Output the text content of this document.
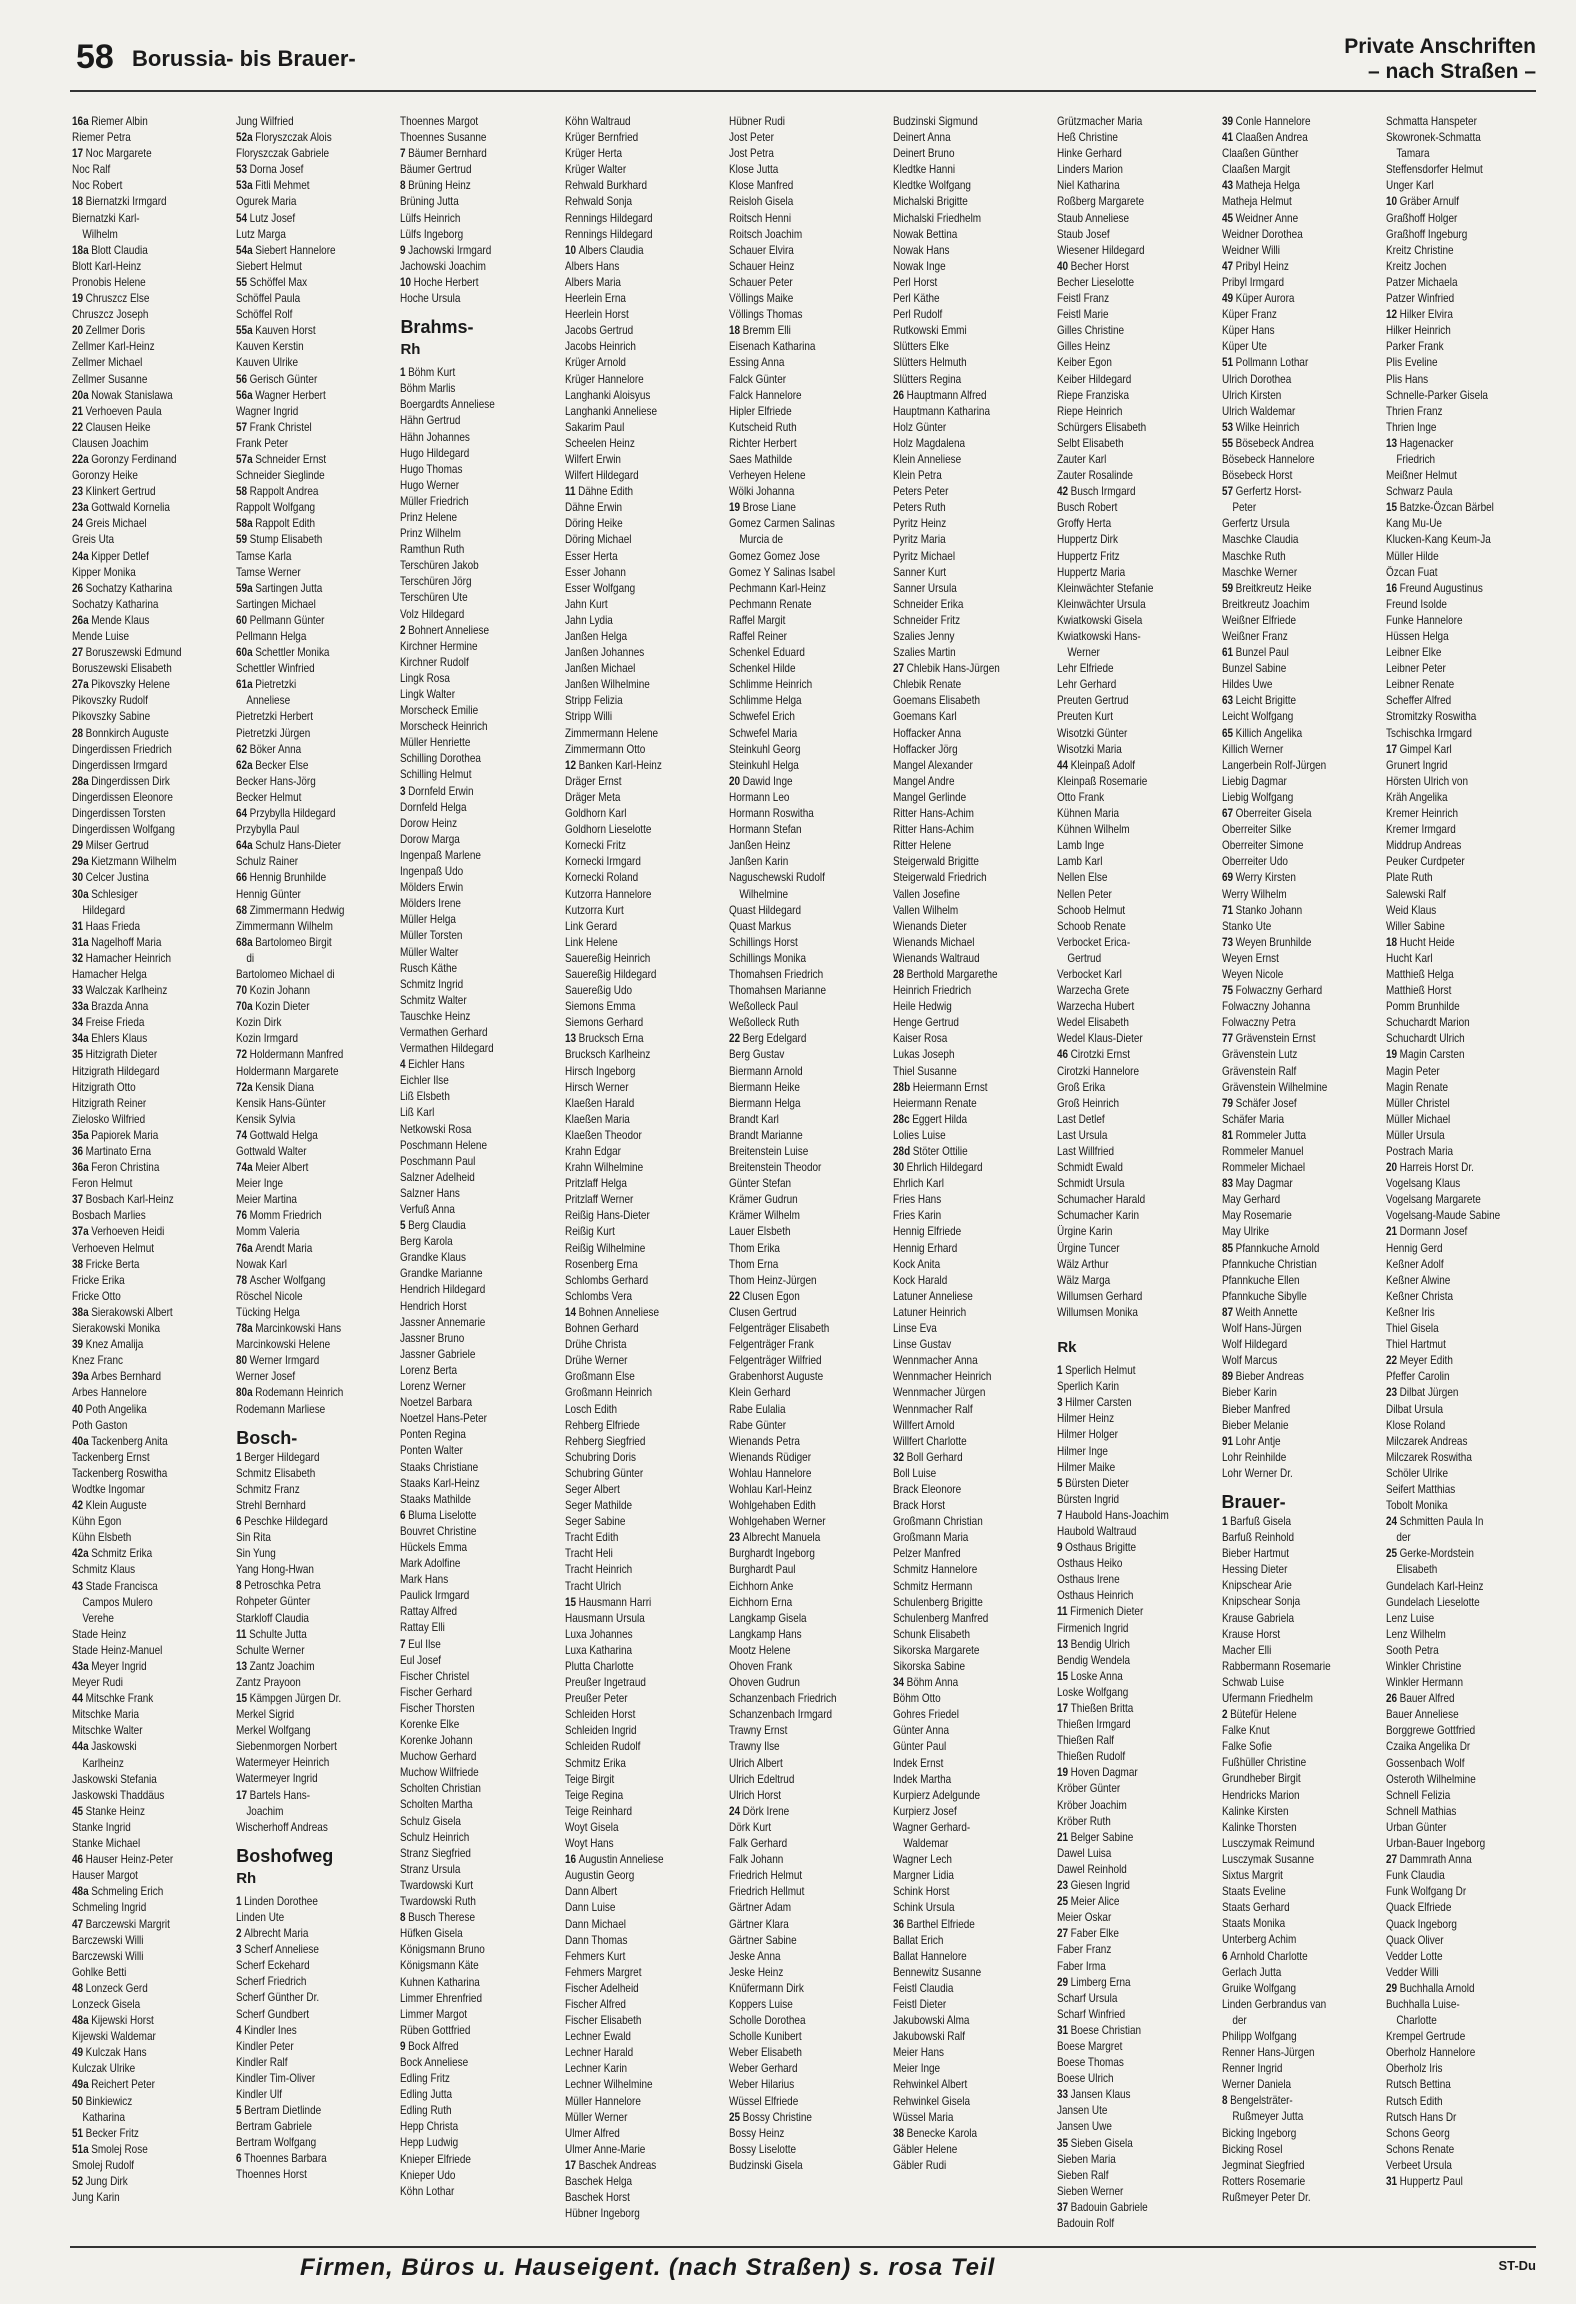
58 Borussia- bis Brauer-	Private Anschriften
– nach Straßen –
16a Riemer Albin
Riemer Petra
17 Noc Margarete
Noc Ralf
Noc Robert
18 Biernatzki Irmgard
Biernatzki Karl-
Wilhelm
18a Blott Claudia
Blott Karl-Heinz
Pronobis Helene
19 Chruszcz Else
Chruszcz Joseph
20 Zellmer Doris
Zellmer Karl-Heinz
Zellmer Michael
Zellmer Susanne
20a Nowak Stanislawa
21 Verhoeven Paula
22 Clausen Heike
Clausen Joachim
22a Goronzy Ferdinand
Goronzy Heike
23 Klinkert Gertrud
23a Gottwald Kornelia
24 Greis Michael
Greis Uta
24a Kipper Detlef
Kipper Monika
26 Sochatzy Katharina
Sochatzy Katharina
26a Mende Klaus
Mende Luise
27 Boruszewski Edmund
Boruszewski Elisabeth
27a Pikovszky Helene
Pikovszky Rudolf
Pikovszky Sabine
28 Bonnkirch Auguste
Dingerdissen Friedrich
Dingerdissen Irmgard
28a Dingerdissen Dirk
Dingerdissen Eleonore
Dingerdissen Torsten
Dingerdissen Wolfgang
29 Milser Gertrud
29a Kietzmann Wilhelm
30 Celcer Justina
30a Schlesiger
Hildegard
31 Haas Frieda
31a Nagelhoff Maria
32 Hamacher Heinrich
Hamacher Helga
33 Walczak Karlheinz
33a Brazda Anna
34 Freise Frieda
34a Ehlers Klaus
35 Hitzigrath Dieter
Hitzigrath Hildegard
Hitzigrath Otto
Hitzigrath Reiner
Zielosko Wilfried
35a Papiorek Maria
36 Martinato Erna
36a Feron Christina
Feron Helmut
37 Bosbach Karl-Heinz
Bosbach Marlies
37a Verhoeven Heidi
Verhoeven Helmut
38 Fricke Berta
Fricke Erika
Fricke Otto
38a Sierakowski Albert
Sierakowski Monika
39 Knez Amalija
Knez Franc
39a Arbes Bernhard
Arbes Hannelore
40 Poth Angelika
Poth Gaston
40a Tackenberg Anita
Tackenberg Ernst
Tackenberg Roswitha
Wodtke Ingomar
42 Klein Auguste
Kühn Egon
Kühn Elsbeth
42a Schmitz Erika
Schmitz Klaus
43 Stade Francisca
Campos Mulero
Verehe
Stade Heinz
Stade Heinz-Manuel
43a Meyer Ingrid
Meyer Rudi
44 Mitschke Frank
Mitschke Maria
Mitschke Walter
44a Jaskowski
Karlheinz
Jaskowski Stefania
Jaskowski Thaddäus
45 Stanke Heinz
Stanke Ingrid
Stanke Michael
46 Hauser Heinz-Peter
Hauser Margot
48a Schmeling Erich
Schmeling Ingrid
47 Barczewski Margrit
Barczewski Willi
Barczewski Willi
Gohlke Betti
48 Lonzeck Gerd
Lonzeck Gisela
48a Kijewski Horst
Kijewski Waldemar
49 Kulczak Hans
Kulczak Ulrike
49a Reichert Peter
50 Binkiewicz
Katharina
51 Becker Fritz
51a Smolej Rose
Smolej Rudolf
52 Jung Dirk
Jung Karin
Jung Wilfried
52a Floryszczak Alois
Floryszczak Gabriele
53 Dorna Josef
53a Fitli Mehmet
Ogurek Maria
54 Lutz Josef
Lutz Marga
54a Siebert Hannelore
Siebert Helmut
55 Schöffel Max
Schöffel Paula
Schöffel Rolf
55a Kauven Horst
Kauven Kerstin
Kauven Ulrike
56 Gerisch Günter
56a Wagner Herbert
Wagner Ingrid
57 Frank Christel
Frank Peter
57a Schneider Ernst
Schneider Sieglinde
58 Rappolt Andrea
Rappolt Wolfgang
58a Rappolt Edith
59 Stump Elisabeth
Tamse Karla
Tamse Werner
59a Sartingen Jutta
Sartingen Michael
60 Pellmann Günter
Pellmann Helga
60a Schettler Monika
Schettler Winfried
61a Pietretzki
Anneliese
Pietretzki Herbert
Pietretzki Jürgen
62 Böker Anna
62a Becker Else
Becker Hans-Jörg
Becker Helmut
64 Przybylla Hildegard
Przybylla Paul
64a Schulz Hans-Dieter
Schulz Rainer
66 Hennig Brunhilde
Hennig Günter
68 Zimmermann Hedwig
Zimmermann Wilhelm
68a Bartolomeo Birgit
di
Bartolomeo Michael di
70 Kozin Johann
70a Kozin Dieter
Kozin Dirk
Kozin Irmgard
72 Holdermann Manfred
Holdermann Margarete
72a Kensik Diana
Kensik Hans-Günter
Kensik Sylvia
74 Gottwald Helga
Gottwald Walter
74a Meier Albert
Meier Inge
Meier Martina
76 Momm Friedrich
Momm Valeria
76a Arendt Maria
Nowak Karl
78 Ascher Wolfgang
Röschel Nicole
Tücking Helga
78a Marcinkowski Hans
Marcinkowski Helene
80 Werner Irmgard
Werner Josef
80a Rodemann Heinrich
Rodemann Marliese
Bosch-
1 Berger Hildegard
Schmitz Elisabeth
Schmitz Franz
Strehl Bernhard
6 Peschke Hildegard
Sin Rita
Sin Yung
Yang Hong-Hwan
8 Petroschka Petra
Rohpeter Günter
Starkloff Claudia
11 Schulte Jutta
Schulte Werner
13 Zantz Joachim
Zantz Prayoon
15 Kämpgen Jürgen Dr.
Merkel Sigrid
Merkel Wolfgang
Siebenmorgen Norbert
Watermeyer Heinrich
Watermeyer Ingrid
17 Bartels Hans-
Joachim
Wischerhoff Andreas
Boshofweg
Rh
1 Linden Dorothee
Linden Ute
2 Albrecht Maria
3 Scherf Anneliese
Scherf Eckehard
Scherf Friedrich
Scherf Günther Dr.
Scherf Gundbert
4 Kindler Ines
Kindler Peter
Kindler Ralf
Kindler Tim-Oliver
Kindler Ulf
5 Bertram Dietlinde
Bertram Gabriele
Bertram Wolfgang
6 Thoennes Barbara
Thoennes Horst
Thoennes Margot
Thoennes Susanne
7 Bäumer Bernhard
Bäumer Gertrud
8 Brüning Heinz
Brüning Jutta
Lülfs Heinrich
Lülfs Ingeborg
9 Jachowski Irmgard
Jachowski Joachim
10 Hoche Herbert
Hoche Ursula
Brahms-
Rh
1 Böhm Kurt
Böhm Marlis
Boergardts Anneliese
Hähn Gertrud
Hähn Johannes
Hugo Hildegard
Hugo Thomas
Hugo Werner
Müller Friedrich
Prinz Helene
Prinz Wilhelm
Ramthun Ruth
Terschüren Jakob
Terschüren Jörg
Terschüren Ute
Volz Hildegard
2 Bohnert Anneliese
Kirchner Hermine
Kirchner Rudolf
Lingk Rosa
Lingk Walter
Morscheck Emilie
Morscheck Heinrich
Müller Henriette
Schilling Dorothea
Schilling Helmut
3 Dornfeld Erwin
Dornfeld Helga
Dorow Heinz
Dorow Marga
Ingenpaß Marlene
Ingenpaß Udo
Mölders Erwin
Mölders Irene
Müller Helga
Müller Torsten
Müller Walter
Rusch Käthe
Schmitz Ingrid
Schmitz Walter
Tauschke Heinz
Vermathen Gerhard
Vermathen Hildegard
4 Eichler Hans
Eichler Ilse
Liß Elsbeth
Liß Karl
Netkowski Rosa
Poschmann Helene
Poschmann Paul
Salzner Adelheid
Salzner Hans
Verfuß Anna
5 Berg Claudia
Berg Karola
Grandke Klaus
Grandke Marianne
Hendrich Hildegard
Hendrich Horst
Jassner Annemarie
Jassner Bruno
Jassner Gabriele
Lorenz Berta
Lorenz Werner
Noetzel Barbara
Noetzel Hans-Peter
Ponten Regina
Ponten Walter
Staaks Christiane
Staaks Karl-Heinz
Staaks Mathilde
6 Bluma Liselotte
Bouvret Christine
Hückels Emma
Mark Adolfine
Mark Hans
Paulick Irmgard
Rattay Alfred
Rattay Elli
7 Eul Ilse
Eul Josef
Fischer Christel
Fischer Gerhard
Fischer Thorsten
Korenke Elke
Korenke Johann
Muchow Gerhard
Muchow Wilfriede
Scholten Christian
Scholten Martha
Schulz Gisela
Schulz Heinrich
Stranz Siegfried
Stranz Ursula
Twardowski Kurt
Twardowski Ruth
8 Busch Therese
Hüfken Gisela
Königsmann Bruno
Königsmann Käte
Kuhnen Katharina
Limmer Ehrenfried
Limmer Margot
Rüben Gottfried
9 Bock Alfred
Bock Anneliese
Edling Fritz
Edling Jutta
Edling Ruth
Hepp Christa
Hepp Ludwig
Knieper Elfriede
Knieper Udo
Köhn Lothar
Köhn Waltraud
Krüger Bernfried
Krüger Herta
Krüger Walter
Rehwald Burkhard
Rehwald Sonja
Rennings Hildegard
Rennings Hildegard
10 Albers Claudia
Albers Hans
Albers Maria
Heerlein Erna
Heerlein Horst
Jacobs Gertrud
Jacobs Heinrich
Krüger Arnold
Krüger Hannelore
Langhanki Aloisyus
Langhanki Anneliese
Sakarim Paul
Scheelen Heinz
Wilfert Erwin
Wilfert Hildegard
11 Dähne Edith
Dähne Erwin
Döring Heike
Döring Michael
Esser Herta
Esser Johann
Esser Wolfgang
Jahn Kurt
Jahn Lydia
Janßen Helga
Janßen Johannes
Janßen Michael
Janßen Wilhelmine
Stripp Felizia
Stripp Willi
Zimmermann Helene
Zimmermann Otto
12 Banken Karl-Heinz
Dräger Ernst
Dräger Meta
Goldhorn Karl
Goldhorn Lieselotte
Kornecki Fritz
Kornecki Irmgard
Kornecki Roland
Kutzorra Hannelore
Kutzorra Kurt
Link Gerard
Link Helene
Sauereßig Heinrich
Sauereßig Hildegard
Sauereßig Udo
Siemons Emma
Siemons Gerhard
13 Brucksch Erna
Brucksch Karlheinz
Hirsch Ingeborg
Hirsch Werner
Klaeßen Harald
Klaeßen Maria
Klaeßen Theodor
Krahn Edgar
Krahn Wilhelmine
Pritzlaff Helga
Pritzlaff Werner
Reißig Hans-Dieter
Reißig Kurt
Reißig Wilhelmine
Rosenberg Erna
Schlombs Gerhard
Schlombs Vera
14 Bohnen Anneliese
Bohnen Gerhard
Drühe Christa
Drühe Werner
Großmann Else
Großmann Heinrich
Losch Edith
Rehberg Elfriede
Rehberg Siegfried
Schubring Doris
Schubring Günter
Seger Albert
Seger Mathilde
Seger Sabine
Tracht Edith
Tracht Heli
Tracht Heinrich
Tracht Ulrich
15 Hausmann Harri
Hausmann Ursula
Luxa Johannes
Luxa Katharina
Plutta Charlotte
Preußer Ingetraud
Preußer Peter
Schleiden Horst
Schleiden Ingrid
Schleiden Rudolf
Schmitz Erika
Teige Birgit
Teige Regina
Teige Reinhard
Woyt Gisela
Woyt Hans
16 Augustin Anneliese
Augustin Georg
Dann Albert
Dann Luise
Dann Michael
Dann Thomas
Fehmers Kurt
Fehmers Margret
Fischer Adelheid
Fischer Alfred
Fischer Elisabeth
Lechner Ewald
Lechner Harald
Lechner Karin
Lechner Wilhelmine
Müller Hannelore
Müller Werner
Ulmer Alfred
Ulmer Anne-Marie
17 Baschek Andreas
Baschek Helga
Baschek Horst
Hübner Ingeborg
Hübner Rudi
Jost Peter
Jost Petra
Klose Jutta
Klose Manfred
Reisloh Gisela
Roitsch Henni
Roitsch Joachim
Schauer Elvira
Schauer Heinz
Schauer Peter
Völlings Maike
Völlings Thomas
18 Bremm Elli
Eisenach Katharina
Essing Anna
Falck Günter
Falck Hannelore
Hipler Elfriede
Kutscheid Ruth
Richter Herbert
Saes Mathilde
Verheyen Helene
Wölki Johanna
19 Brose Liane
Gomez Carmen Salinas
Murcia de
Gomez Gomez Jose
Gomez Y Salinas Isabel
Pechmann Karl-Heinz
Pechmann Renate
Raffel Margit
Raffel Reiner
Schenkel Eduard
Schenkel Hilde
Schlimme Heinrich
Schlimme Helga
Schwefel Erich
Schwefel Maria
Steinkuhl Georg
Steinkuhl Helga
20 Dawid Inge
Hormann Leo
Hormann Roswitha
Hormann Stefan
Janßen Heinz
Janßen Karin
Naguschewski Rudolf
Wilhelmine
Quast Hildegard
Quast Markus
Schillings Horst
Schillings Monika
Thomahsen Friedrich
Thomahsen Marianne
Weßolleck Paul
Weßolleck Ruth
22 Berg Edelgard
Berg Gustav
Biermann Arnold
Biermann Heike
Biermann Helga
Brandt Karl
Brandt Marianne
Breitenstein Luise
Breitenstein Theodor
Günter Stefan
Krämer Gudrun
Krämer Wilhelm
Lauer Elsbeth
Thom Erika
Thom Erna
Thom Heinz-Jürgen
22 Clusen Egon
Clusen Gertrud
Felgenträger Elisabeth
Felgenträger Frank
Felgenträger Wilfried
Grabenhorst Auguste
Klein Gerhard
Rabe Eulalia
Rabe Günter
Wienands Petra
Wienands Rüdiger
Wohlau Hannelore
Wohlau Karl-Heinz
Wohlgehaben Edith
Wohlgehaben Werner
23 Albrecht Manuela
Burghardt Ingeborg
Burghardt Paul
Eichhorn Anke
Eichhorn Erna
Langkamp Gisela
Langkamp Hans
Mootz Helene
Ohoven Frank
Ohoven Gudrun
Schanzenbach Friedrich
Schanzenbach Irmgard
Trawny Ernst
Trawny Ilse
Ulrich Albert
Ulrich Edeltrud
Ulrich Horst
24 Dörk Irene
Dörk Kurt
Falk Gerhard
Falk Johann
Friedrich Helmut
Friedrich Hellmut
Gärtner Adam
Gärtner Klara
Gärtner Sabine
Jeske Anna
Jeske Heinz
Knüfermann Dirk
Koppers Luise
Scholle Dorothea
Scholle Kunibert
Weber Elisabeth
Weber Gerhard
Weber Hilarius
Wüssel Elfriede
25 Bossy Christine
Bossy Heinz
Bossy Liselotte
Budzinski Gisela
Budzinski Sigmund
Deinert Anna
Deinert Bruno
Kledtke Hanni
Kledtke Wolfgang
Michalski Brigitte
Michalski Friedhelm
Nowak Bettina
Nowak Hans
Nowak Inge
Perl Horst
Perl Käthe
Perl Rudolf
Rutkowski Emmi
Slütters Elke
Slütters Helmuth
Slütters Regina
26 Hauptmann Alfred
Hauptmann Katharina
Holz Günter
Holz Magdalena
Klein Anneliese
Klein Petra
Peters Peter
Peters Ruth
Pyritz Heinz
Pyritz Maria
Pyritz Michael
Sanner Kurt
Sanner Ursula
Schneider Erika
Schneider Fritz
Szalies Jenny
Szalies Martin
27 Chlebik Hans-Jürgen
Chlebik Renate
Goemans Elisabeth
Goemans Karl
Hoffacker Anna
Hoffacker Jörg
Mangel Alexander
Mangel Andre
Mangel Gerlinde
Ritter Hans-Achim
Ritter Hans-Achim
Ritter Helene
Steigerwald Brigitte
Steigerwald Friedrich
Vallen Josefine
Vallen Wilhelm
Wienands Dieter
Wienands Michael
Wienands Waltraud
28 Berthold Margarethe
Heinrich Friedrich
Heile Hedwig
Henge Gertrud
Kaiser Rosa
Lukas Joseph
Thiel Susanne
28b Heiermann Ernst
Heiermann Renate
28c Eggert Hilda
Lolies Luise
28d Stöter Ottilie
30 Ehrlich Hildegard
Ehrlich Karl
Fries Hans
Fries Karin
Hennig Elfriede
Hennig Erhard
Kock Anita
Kock Harald
Latuner Anneliese
Latuner Heinrich
Linse Eva
Linse Gustav
Wennmacher Anna
Wennmacher Heinrich
Wennmacher Jürgen
Wennmacher Ralf
Willfert Arnold
Willfert Charlotte
32 Boll Gerhard
Boll Luise
Brack Eleonore
Brack Horst
Großmann Christian
Großmann Maria
Pelzer Manfred
Schmitz Hannelore
Schmitz Hermann
Schulenberg Brigitte
Schulenberg Manfred
Schunk Elisabeth
Sikorska Margarete
Sikorska Sabine
34 Böhm Anna
Böhm Otto
Gohres Friedel
Günter Anna
Günter Paul
Indek Ernst
Indek Martha
Kurpierz Adelgunde
Kurpierz Josef
Wagner Gerhard-
Waldemar
Wagner Lech
Margner Lidia
Schink Horst
Schink Ursula
36 Barthel Elfriede
Ballat Erich
Ballat Hannelore
Bennewitz Susanne
Feistl Claudia
Feistl Dieter
Jakubowski Alma
Jakubowski Ralf
Meier Hans
Meier Inge
Rehwinkel Albert
Rehwinkel Gisela
Wüssel Maria
38 Benecke Karola
Gäbler Helene
Gäbler Rudi
Grützmacher Maria
Heß Christine
Hinke Gerhard
Linders Marion
Niel Katharina
Roßberg Margarete
Staub Anneliese
Staub Josef
Wiesener Hildegard
40 Becher Horst
Becher Lieselotte
Feistl Franz
Feistl Marie
Gilles Christine
Gilles Heinz
Keiber Egon
Keiber Hildegard
Riepe Franziska
Riepe Heinrich
Schürgers Elisabeth
Selbt Elisabeth
Zauter Karl
Zauter Rosalinde
42 Busch Irmgard
Busch Robert
Groffy Herta
Huppertz Dirk
Huppertz Fritz
Huppertz Maria
Kleinwächter Stefanie
Kleinwächter Ursula
Kwiatkowski Gisela
Kwiatkowski Hans-
Werner
Lehr Elfriede
Lehr Gerhard
Preuten Gertrud
Preuten Kurt
Wisotzki Günter
Wisotzki Maria
44 Kleinpaß Adolf
Kleinpaß Rosemarie
Otto Frank
Kühnen Maria
Kühnen Wilhelm
Lamb Inge
Lamb Karl
Nellen Else
Nellen Peter
Schoob Helmut
Schoob Renate
Verbocket Erica-
Gertrud
Verbocket Karl
Warzecha Grete
Warzecha Hubert
Wedel Elisabeth
Wedel Klaus-Dieter
46 Cirotzki Ernst
Cirotzki Hannelore
Groß Erika
Groß Heinrich
Last Detlef
Last Ursula
Last Willfried
Schmidt Ewald
Schmidt Ursula
Schumacher Harald
Schumacher Karin
Ürgine Karin
Ürgine Tuncer
Wälz Arthur
Wälz Marga
Willumsen Gerhard
Willumsen Monika
Rk
1 Sperlich Helmut
Sperlich Karin
3 Hilmer Carsten
Hilmer Heinz
Hilmer Holger
Hilmer Inge
Hilmer Maike
5 Bürsten Dieter
Bürsten Ingrid
7 Haubold Hans-Joachim
Haubold Waltraud
9 Osthaus Brigitte
Osthaus Heiko
Osthaus Irene
Osthaus Heinrich
11 Firmenich Dieter
Firmenich Ingrid
13 Bendig Ulrich
Bendig Wendela
15 Loske Anna
Loske Wolfgang
17 Thießen Britta
Thießen Irmgard
Thießen Ralf
Thießen Rudolf
19 Hoven Dagmar
Kröber Günter
Kröber Joachim
Kröber Ruth
21 Belger Sabine
Dawel Luisa
Dawel Reinhold
23 Giesen Ingrid
25 Meier Alice
Meier Oskar
27 Faber Elke
Faber Franz
Faber Irma
29 Limberg Erna
Scharf Ursula
Scharf Winfried
31 Boese Christian
Boese Margret
Boese Thomas
Boese Ulrich
33 Jansen Klaus
Jansen Ute
Jansen Uwe
35 Sieben Gisela
Sieben Maria
Sieben Ralf
Sieben Werner
37 Badouin Gabriele
Badouin Rolf
39 Conle Hannelore
41 Claaßen Andrea
Claaßen Günther
Claaßen Margit
43 Matheja Helga
Matheja Helmut
45 Weidner Anne
Weidner Dorothea
Weidner Willi
47 Pribyl Heinz
Pribyl Irmgard
49 Küper Aurora
Küper Franz
Küper Hans
Küper Ute
51 Pollmann Lothar
Ulrich Dorothea
Ulrich Kirsten
Ulrich Waldemar
53 Wilke Heinrich
55 Bösebeck Andrea
Bösebeck Hannelore
Bösebeck Horst
57 Gerfertz Horst-
Peter
Gerfertz Ursula
Maschke Claudia
Maschke Ruth
Maschke Werner
59 Breitkreutz Heike
Breitkreutz Joachim
Weißner Elfriede
Weißner Franz
61 Bunzel Paul
Bunzel Sabine
Hildes Uwe
63 Leicht Brigitte
Leicht Wolfgang
65 Killich Angelika
Killich Werner
Langerbein Rolf-Jürgen
Liebig Dagmar
Liebig Wolfgang
67 Oberreiter Gisela
Oberreiter Silke
Oberreiter Simone
Oberreiter Udo
69 Werry Kirsten
Werry Wilhelm
71 Stanko Johann
Stanko Ute
73 Weyen Brunhilde
Weyen Ernst
Weyen Nicole
75 Folwaczny Gerhard
Folwaczny Johanna
Folwaczny Petra
77 Grävenstein Ernst
Grävenstein Lutz
Grävenstein Ralf
Grävenstein Wilhelmine
79 Schäfer Josef
Schäfer Maria
81 Rommeler Jutta
Rommeler Manuel
Rommeler Michael
83 May Dagmar
May Gerhard
May Rosemarie
May Ulrike
85 Pfannkuche Arnold
Pfannkuche Christian
Pfannkuche Ellen
Pfannkuche Sibylle
87 Weith Annette
Wolf Hans-Jürgen
Wolf Hildegard
Wolf Marcus
89 Bieber Andreas
Bieber Karin
Bieber Manfred
Bieber Melanie
91 Lohr Antje
Lohr Reinhilde
Lohr Werner Dr.
Brauer-
1 Barfuß Gisela
Barfuß Reinhold
Bieber Hartmut
Hessing Dieter
Knipschear Arie
Knipschear Sonja
Krause Gabriela
Krause Horst
Macher Elli
Rabbermann Rosemarie
Schwab Luise
Ufermann Friedhelm
2 Bütefür Helene
Falke Knut
Falke Sofie
Fußhüller Christine
Grundheber Birgit
Hendricks Marion
Kalinke Kirsten
Kalinke Thorsten
Lusczymak Reimund
Lusczymak Susanne
Sixtus Margrit
Staats Eveline
Staats Gerhard
Staats Monika
Unterberg Achim
6 Arnhold Charlotte
Gerlach Jutta
Gruike Wolfgang
Linden Gerbrandus van
der
Philipp Wolfgang
Renner Hans-Jürgen
Renner Ingrid
Werner Daniela
8 Bengelsträter-
Rußmeyer Jutta
Bicking Ingeborg
Bicking Rosel
Jegminat Siegfried
Rotters Rosemarie
Rußmeyer Peter Dr.
Schmatta Hanspeter
Skowronek-Schmatta
Tamara
Steffensdorfer Helmut
Unger Karl
10 Gräber Arnulf
Graßhoff Holger
Graßhoff Ingeburg
Kreitz Christine
Kreitz Jochen
Patzer Michaela
Patzer Winfried
12 Hilker Elvira
Hilker Heinrich
Parker Frank
Plis Eveline
Plis Hans
Schnelle-Parker Gisela
Thrien Franz
Thrien Inge
13 Hagenacker
Friedrich
Meißner Helmut
Schwarz Paula
15 Batzke-Özcan Bärbel
Kang Mu-Ue
Klucken-Kang Keum-Ja
Müller Hilde
Özcan Fuat
16 Freund Augustinus
Freund Isolde
Funke Hannelore
Hüssen Helga
Leibner Elke
Leibner Peter
Leibner Renate
Scheffer Alfred
Stromitzky Roswitha
Tschischka Irmgard
17 Gimpel Karl
Grunert Ingrid
Hörsten Ulrich von
Kräh Angelika
Kremer Heinrich
Kremer Irmgard
Middrup Andreas
Peuker Curdpeter
Plate Ruth
Salewski Ralf
Weid Klaus
Willer Sabine
18 Hucht Heide
Hucht Karl
Matthieß Helga
Matthieß Horst
Pomm Brunhilde
Schuchardt Marion
Schuchardt Ulrich
19 Magin Carsten
Magin Peter
Magin Renate
Müller Christel
Müller Michael
Müller Ursula
Postrach Maria
20 Harreis Horst Dr.
Vogelsang Klaus
Vogelsang Margarete
Vogelsang-Maude Sabine
21 Dormann Josef
Hennig Gerd
Keßner Adolf
Keßner Alwine
Keßner Christa
Keßner Iris
Thiel Gisela
Thiel Hartmut
22 Meyer Edith
Pfeffer Carolin
23 Dilbat Jürgen
Dilbat Ursula
Klose Roland
Milczarek Andreas
Milczarek Roswitha
Schöler Ulrike
Seifert Matthias
Tobolt Monika
24 Schmitten Paula In
der
25 Gerke-Mordstein
Elisabeth
Gundelach Karl-Heinz
Gundelach Lieselotte
Lenz Luise
Lenz Wilhelm
Sooth Petra
Winkler Christine
Winkler Hermann
26 Bauer Alfred
Bauer Anneliese
Borggrewe Gottfried
Czaika Angelika Dr
Gossenbach Wolf
Osteroth Wilhelmine
Schnell Felizia
Schnell Mathias
Urban Günter
Urban-Bauer Ingeborg
27 Dammrath Anna
Funk Claudia
Funk Wolfgang Dr
Quack Elfriede
Quack Ingeborg
Quack Oliver
Vedder Lotte
Vedder Willi
29 Buchhalla Arnold
Buchhalla Luise-
Charlotte
Krempel Gertrude
Oberholz Hannelore
Oberholz Iris
Rutsch Bettina
Rutsch Edith
Rutsch Hans Dr
Schons Georg
Schons Renate
Verbeet Ursula
31 Huppertz Paul
Firmen, Büros u. Hauseigent. (nach Straßen) s. rosa Teil	ST-Du
